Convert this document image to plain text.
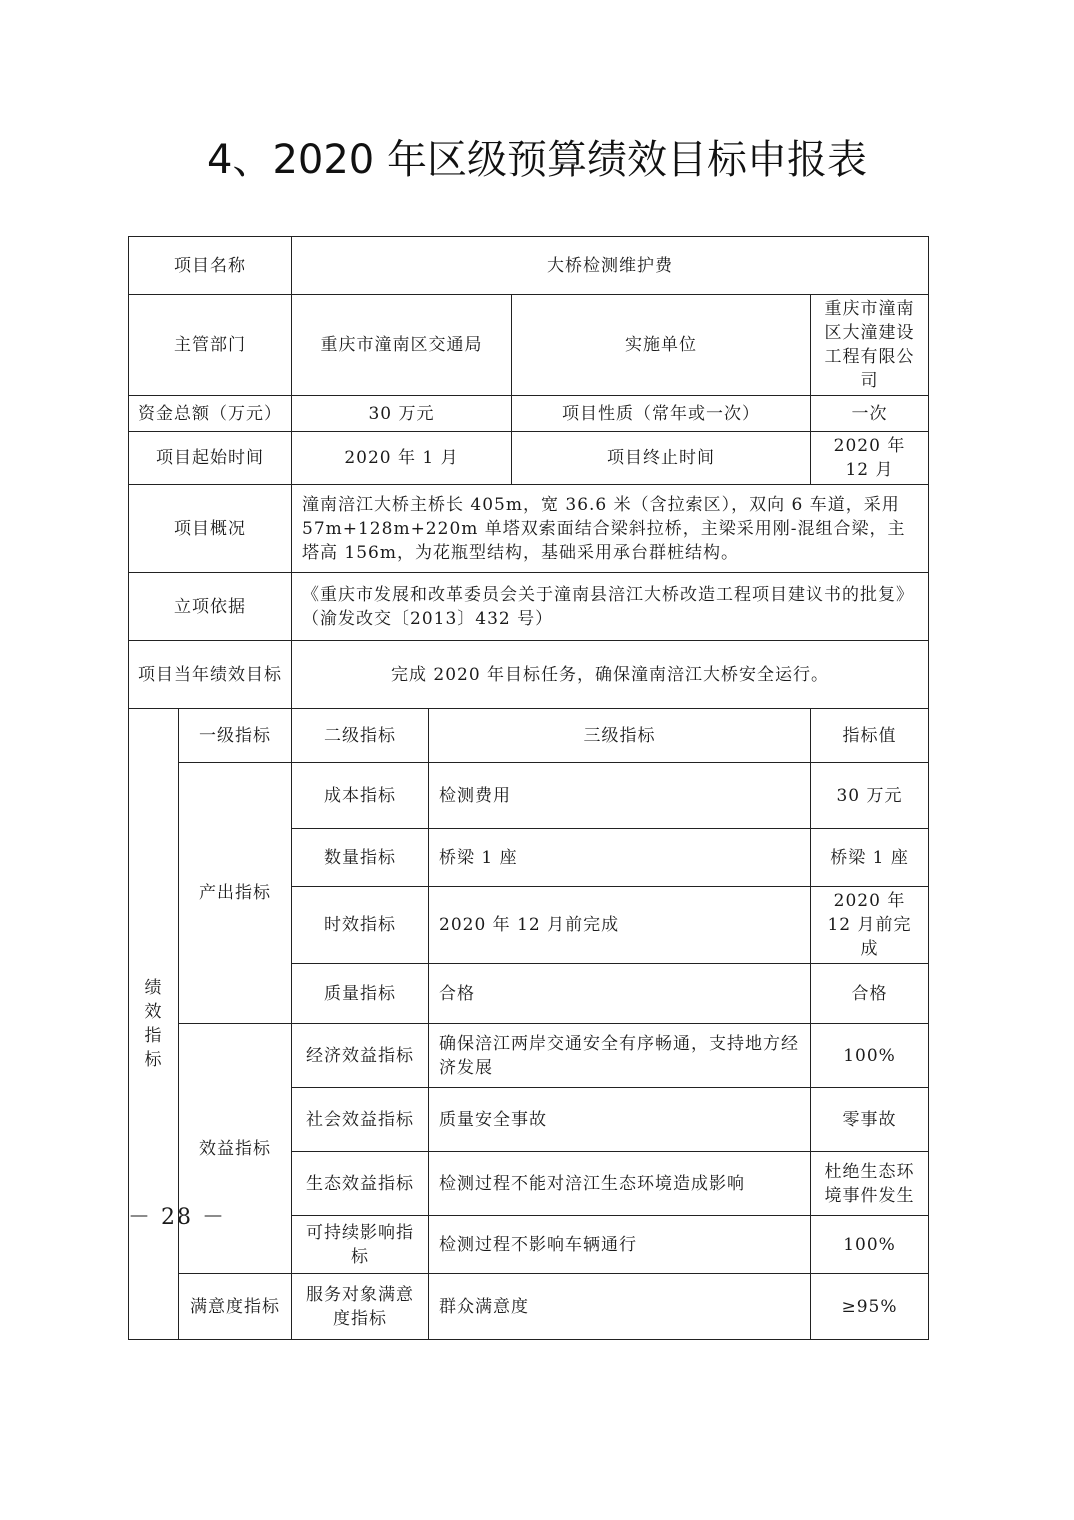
4、2020 年区级预算绩效目标申报表
项目名称		大桥检测维护费			
主管部门		重庆市潼南区交通局		实施单位	重庆市潼南区大潼建设工程有限公司
资金总额（万元）		30 万元		项目性质（常年或一次）	一次
项目起始时间		2020 年 1 月		项目终止时间	2020 年 12 月
项目概况		潼南涪江大桥主桥长 405m，宽 36.6 米（含拉索区），双向 6 车道，采用 57m+128m+220m 单塔双索面结合梁斜拉桥，主梁采用刚-混组合梁，主塔高 156m，为花瓶型结构，基础采用承台群桩结构。			
立项依据		《重庆市发展和改革委员会关于潼南县涪江大桥改造工程项目建议书的批复》（渝发改交〔2013〕432 号）			
项目当年绩效目标		完成 2020 年目标任务，确保潼南涪江大桥安全运行。			
绩效指标	一级指标	二级指标	三级指标		指标值
	产出指标	成本指标	检测费用		30 万元
		数量指标	桥梁 1 座		桥梁 1 座
		时效指标	2020 年 12 月前完成		2020 年 12 月前完成
		质量指标	合格		合格
	效益指标	经济效益指标	确保涪江两岸交通安全有序畅通，支持地方经济发展		100%
		社会效益指标	质量安全事故		零事故
		生态效益指标	检测过程不能对涪江生态环境造成影响		杜绝生态环境事件发生
		可持续影响指标	检测过程不影响车辆通行		100%
	满意度指标	服务对象满意度指标	群众满意度		≥95%
－ 28 －
